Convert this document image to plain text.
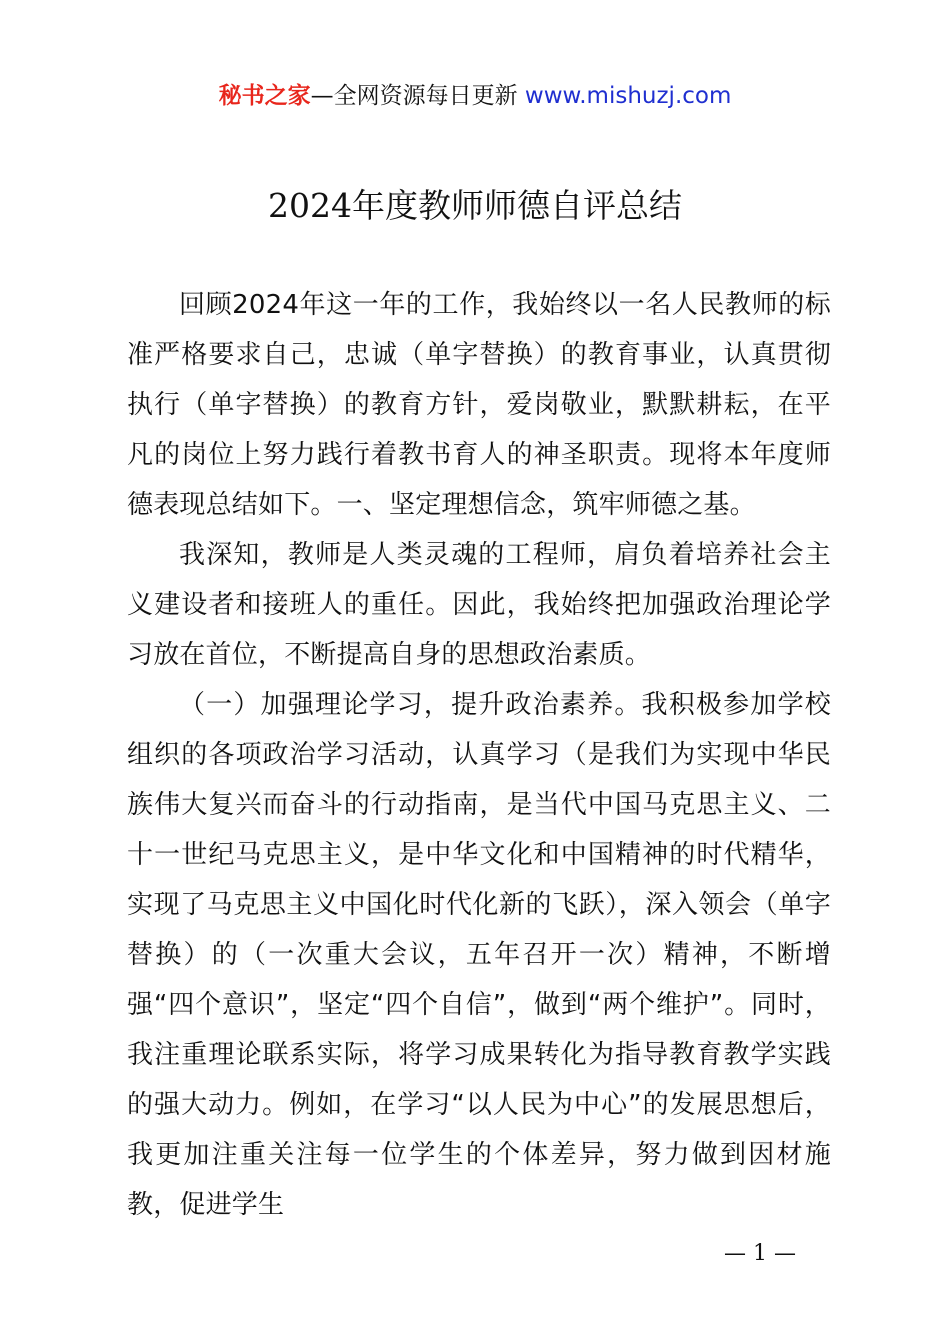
秘书之家—全网资源每日更新 www.mishuzj.com
2024年度教师师德自评总结

回顾2024年这一年的工作，我始终以一名人民教师的标准严格要求自己，忠诚（单字替换）的教育事业，认真贯彻执行（单字替换）的教育方针，爱岗敬业，默默耕耘，在平凡的岗位上努力践行着教书育人的神圣职责。现将本年度师德表现总结如下。一、坚定理想信念，筑牢师德之基。

我深知，教师是人类灵魂的工程师，肩负着培养社会主义建设者和接班人的重任。因此，我始终把加强政治理论学习放在首位，不断提高自身的思想政治素质。

（一）加强理论学习，提升政治素养。我积极参加学校组织的各项政治学习活动，认真学习（是我们为实现中华民族伟大复兴而奋斗的行动指南，是当代中国马克思主义、二十一世纪马克思主义，是中华文化和中国精神的时代精华，实现了马克思主义中国化时代化新的飞跃），深入领会（单字替换）的（一次重大会议，五年召开一次）精神，不断增强“四个意识”，坚定“四个自信”，做到“两个维护”。同时，我注重理论联系实际，将学习成果转化为指导教育教学实践的强大动力。例如，在学习“以人民为中心”的发展思想后，我更加注重关注每一位学生的个体差异，努力做到因材施教，促进学生

— 1 —
